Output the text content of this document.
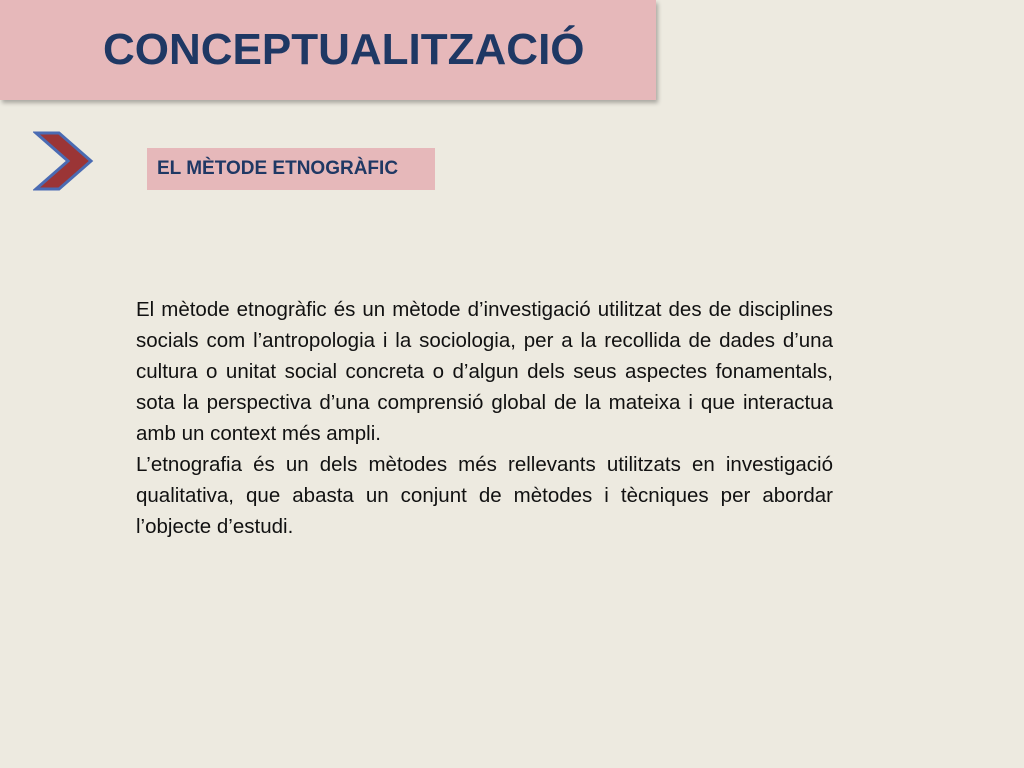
CONCEPTUALITZACIÓ
EL MÈTODE ETNOGRÀFIC

El mètode etnogràfic és un mètode d’investigació utilitzat des de disciplines socials com l’antropologia i la sociologia, per a la recollida de dades d’una cultura o unitat social concreta o d’algun dels seus aspectes fonamentals, sota la perspectiva d’una comprensió global de la mateixa i que interactua amb un context més ampli.

L’etnografia és un dels mètodes més rellevants utilitzats en investigació qualitativa, que abasta un conjunt de mètodes i tècniques per abordar l’objecte d’estudi.
